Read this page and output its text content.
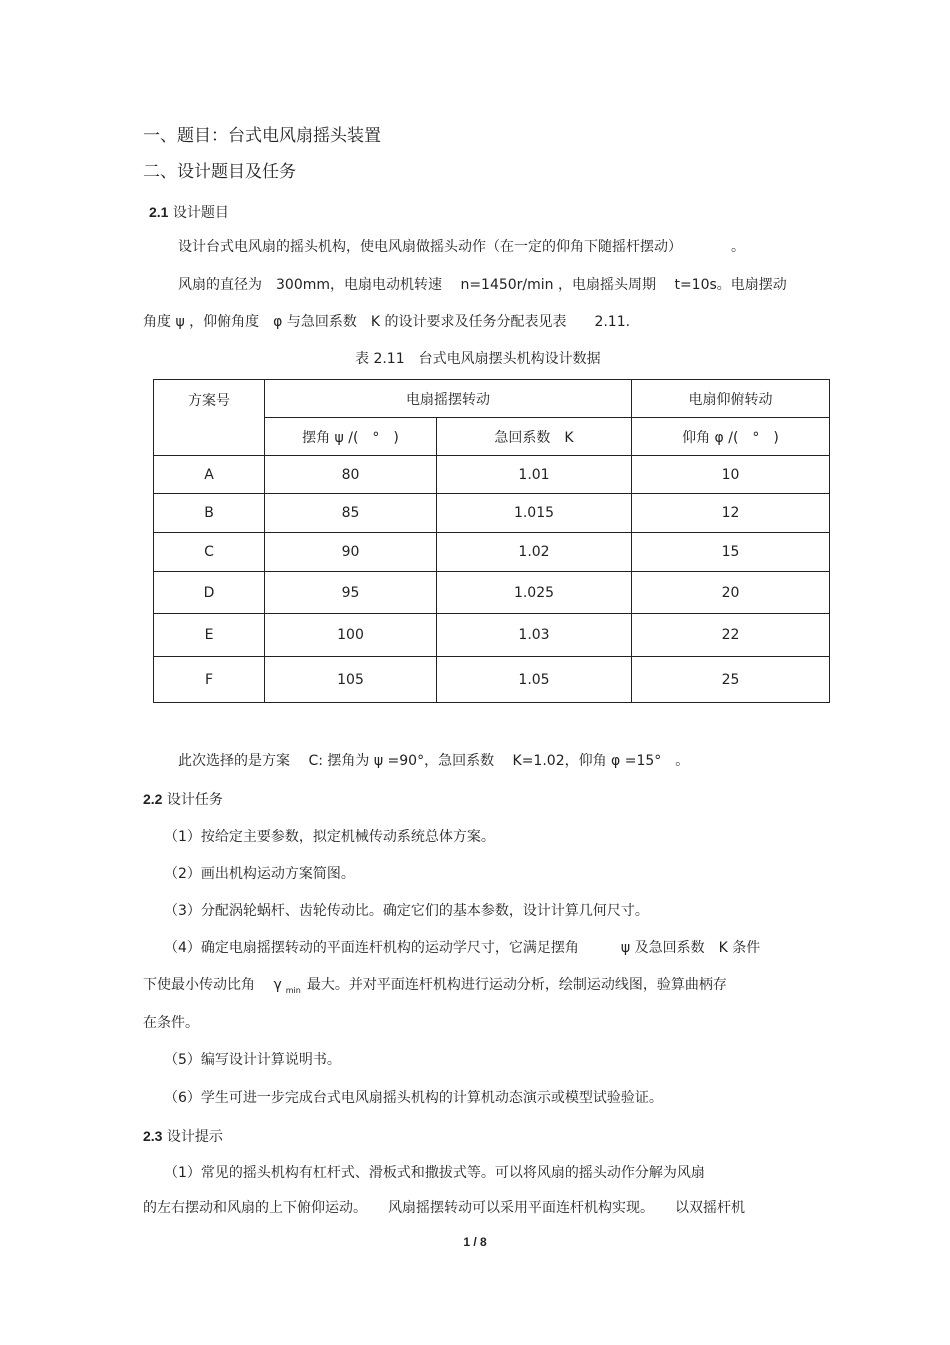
一、题目：台式电风扇摇头装置
二、设计题目及任务
2.1 设计题目
设计台式电风扇的摇头机构，使电风扇做摇头动作（在一定的仰角下随摇杆摆动）　　　　。
风扇的直径为　300mm，电扇电动机转速　 n=1450r/min ，电扇摇头周期　 t=10s。电扇摆动
角度 ψ ，仰俯角度　φ 与急回系数　K 的设计要求及任务分配表见表　　2.11.
表 2.11　台式电风扇摆头机构设计数据
方案号	电扇摇摆转动		电扇仰俯转动
	摆角 ψ /(　°　)	急回系数　K	仰角 φ /(　°　)
A	80	1.01	10
B	85	1.015	12
C	90	1.02	15
D	95	1.025	20
E	100	1.03	22
F	105	1.05	25
此次选择的是方案　 C: 摆角为 ψ =90°，急回系数　 K=1.02，仰角 φ =15°　。
2.2 设计任务
（1）按给定主要参数，拟定机械传动系统总体方案。
（2）画出机构运动方案简图。
（3）分配涡轮蜗杆、齿轮传动比。确定它们的基本参数，设计计算几何尺寸。
（4）确定电扇摇摆转动的平面连杆机构的运动学尺寸，它满足摆角　　　ψ 及急回系数　K 条件
下使最小传动比角　 γ $_{min}$ 最大。并对平面连杆机构进行运动分析，绘制运动线图，验算曲柄存
在条件。
（5）编写设计计算说明书。
（6）学生可进一步完成台式电风扇摇头机构的计算机动态演示或模型试验验证。
2.3 设计提示
（1）常见的摇头机构有杠杆式、滑板式和撒拔式等。可以将风扇的摇头动作分解为风扇
的左右摆动和风扇的上下俯仰运动。　　风扇摇摆转动可以采用平面连杆机构实现。　　以双摇杆机
1 / 8
